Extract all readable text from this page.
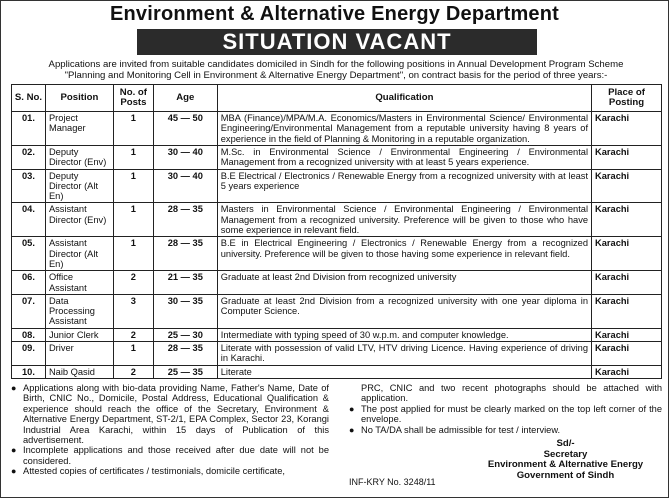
Environment & Alternative Energy Department
SITUATION VACANT
Applications are invited from suitable candidates domiciled in Sindh for the following positions in Annual Development Program Scheme
"Planning and Monitoring Cell in Environment & Alternative Energy Department", on contract basis for the period of three years:-
S. No.	Position	No. of Posts	Age	Qualification	Place of Posting
01.	Project Manager	1	45 — 50	MBA (Finance)/MPA/M.A. Economics/Masters in Environmental Science/ Environmental Engineering/Environmental Management from a reputable university having 8 years of experience in the field of Planning & Monitoring in a reputable organization.	Karachi
02.	Deputy Director (Env)	1	30 — 40	M.Sc. in Environmental Science / Environmental Engineering / Environmental Management from a recognized university with at least 5 years experience.	Karachi
03.	Deputy Director (Alt En)	1	30 — 40	B.E Electrical / Electronics / Renewable Energy from a recognized university with at least 5 years experience	Karachi
04.	Assistant Director (Env)	1	28 — 35	Masters in Environmental Science / Environmental Engineering / Environmental Management from a recognized university. Preference will be given to those who have some experience in relevant field.	Karachi
05.	Assistant Director (Alt En)	1	28 — 35	B.E in Electrical Engineering / Electronics / Renewable Energy from a recognized university. Preference will be given to those having some experience in relevant field.	Karachi
06.	Office Assistant	2	21 — 35	Graduate at least 2nd Division from recognized university	Karachi
07.	Data Processing Assistant	3	30 — 35	Graduate at least 2nd Division from a recognized university with one year diploma in Computer Science.	Karachi
08.	Junior Clerk	2	25 — 30	Intermediate with typing speed of 30 w.p.m. and computer knowledge.	Karachi
09.	Driver	1	28 — 35	Literate with possession of valid LTV, HTV driving Licence. Having experience of driving in Karachi.	Karachi
10.	Naib Qasid	2	25 — 35	Literate	Karachi
● Applications along with bio-data providing Name, Father's Name, Date of Birth, CNIC No., Domicile, Postal Address, Educational Qualification & experience should reach the office of the Secretary, Environment & Alternative Energy Department, ST-2/1, EPA Complex, Sector 23, Korangi Industrial Area Karachi, within 15 days of Publication of this advertisement.
● Incomplete applications and those received after due date will not be considered.
● Attested copies of certificates / testimonials, domicile certificate,
PRC, CNIC and two recent photographs should be attached with application.
● The post applied for must be clearly marked on the top left corner of the envelope.
● No TA/DA shall be admissible for test / interview.
Sd/-
Secretary
Environment & Alternative Energy
Government of Sindh
INF-KRY No. 3248/11
